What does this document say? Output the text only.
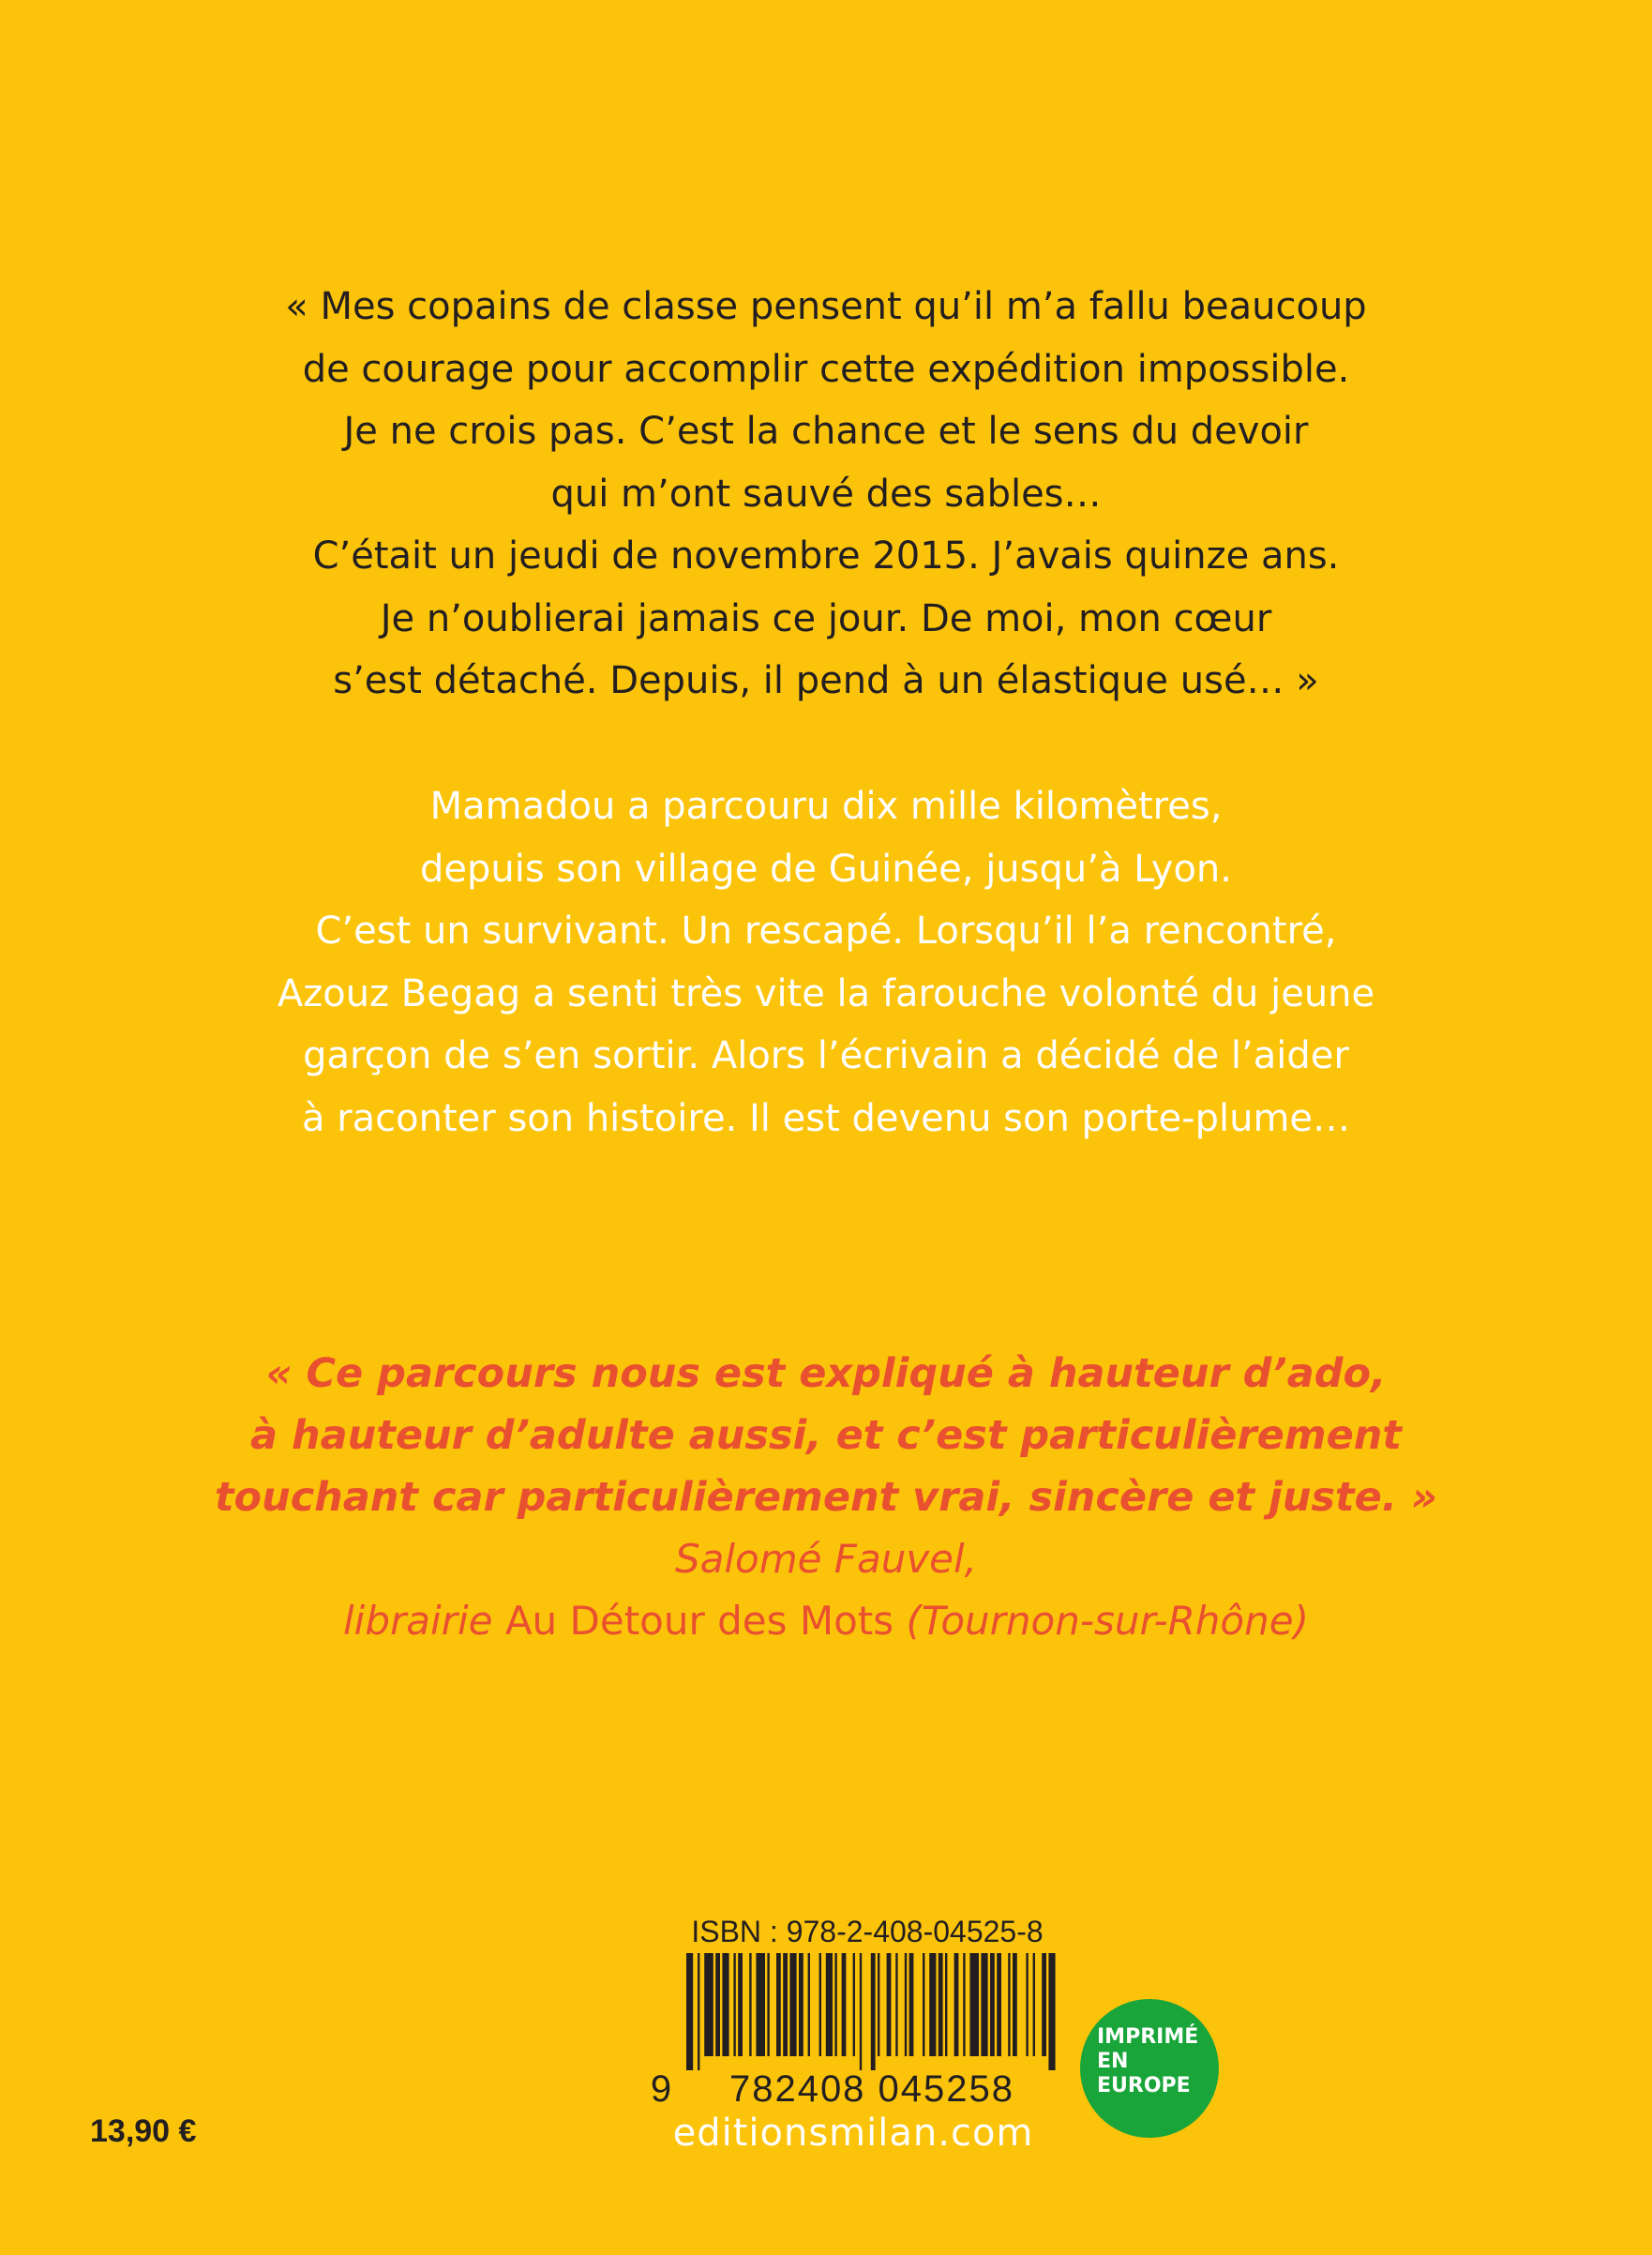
« Mes copains de classe pensent qu’il m’a fallu beaucoup
de courage pour accomplir cette expédition impossible.
Je ne crois pas. C’est la chance et le sens du devoir
qui m’ont sauvé des sables…
C’était un jeudi de novembre 2015. J’avais quinze ans.
Je n’oublierai jamais ce jour. De moi, mon cœur
s’est détaché. Depuis, il pend à un élastique usé… »
Mamadou a parcouru dix mille kilomètres,
depuis son village de Guinée, jusqu’à Lyon.
C’est un survivant. Un rescapé. Lorsqu’il l’a rencontré,
Azouz Begag a senti très vite la farouche volonté du jeune
garçon de s’en sortir. Alors l’écrivain a décidé de l’aider
à raconter son histoire. Il est devenu son porte-plume…
« Ce parcours nous est expliqué à hauteur d’ado,
à hauteur d’adulte aussi, et c’est particulièrement
touchant car particulièrement vrai, sincère et juste. »
Salomé Fauvel,
librairie Au Détour des Mots (Tournon-sur-Rhône)
ISBN : 978-2-408-04525-8
9	782408 045258
editionsmilan.com
IMPRIMÉ
EN
EUROPE
13,90 €
